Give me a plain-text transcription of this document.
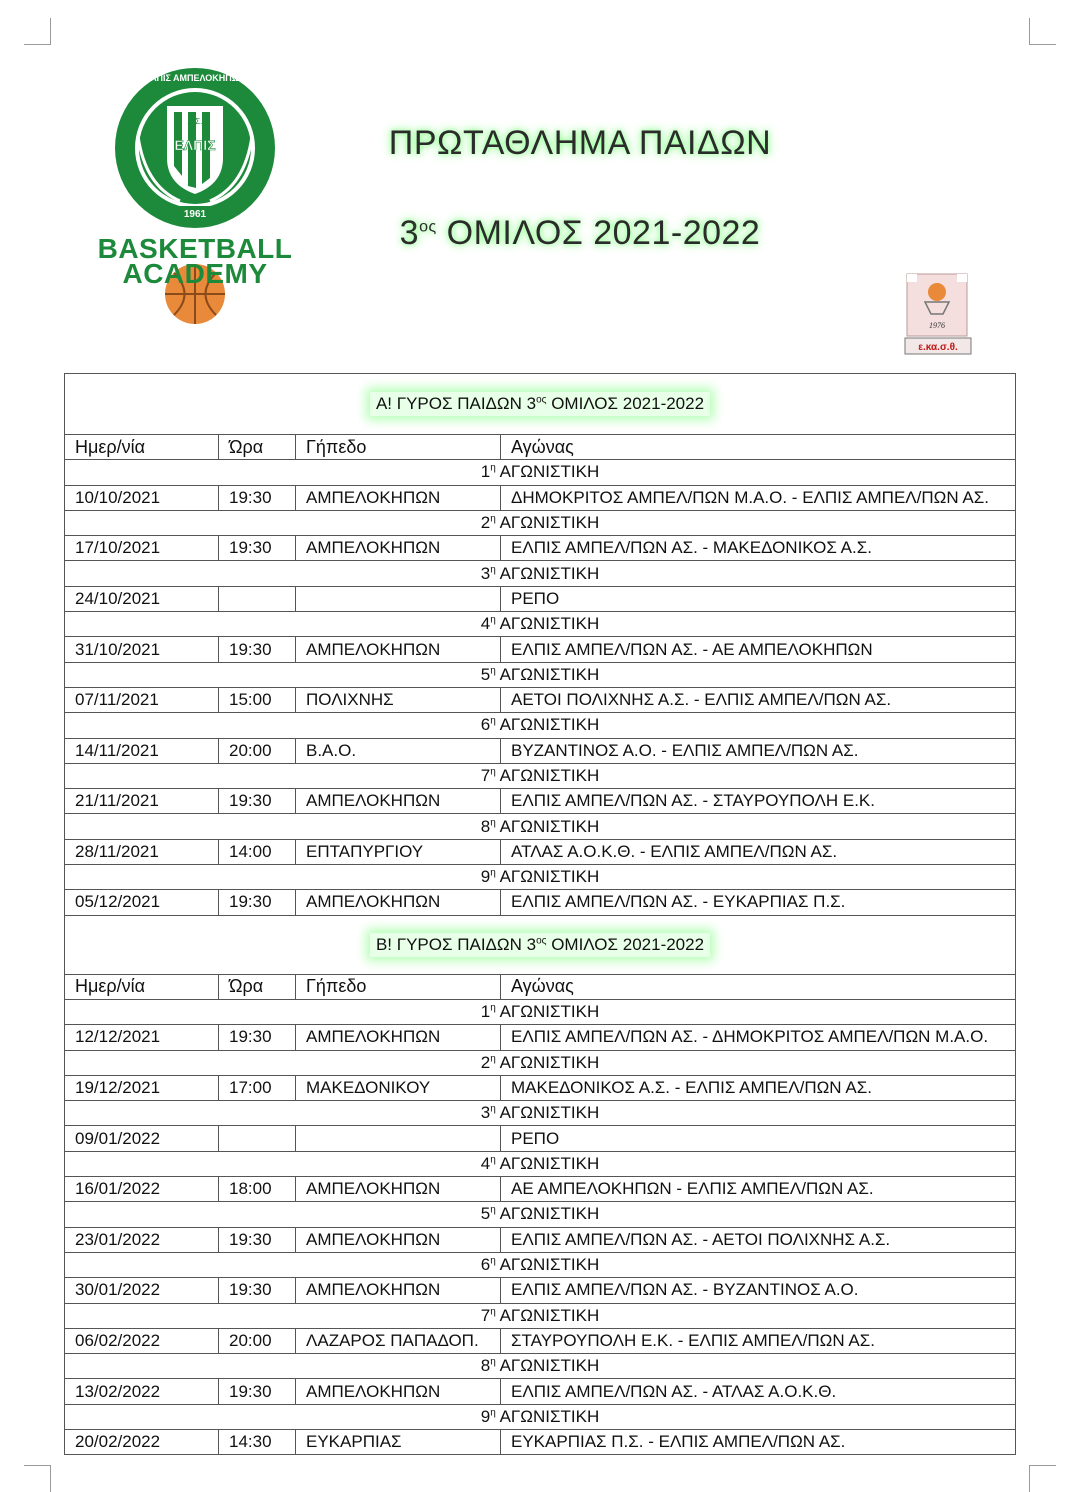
ΕΛΠΙΣ ΑΜΠΕΛΟΚΗΠΩΝ
Α.Σ.
ΕΛΠΙΣ
1961
BASKETBALL ACADEMY
ΠΡΩΤΑΘΛΗΜΑ ΠΑΙΔΩΝ
$3^{o\varsigma}$ ΟΜΙΛΟΣ 2021-2022
1976
ε.κα.σ.θ.
Α! ΓΥΡΟΣ ΠΑΙΔΩΝ $3^{o\varsigma}$ ΟΜΙΛΟΣ 2021-2022			
Ημερ/νία	Ώρα	Γήπεδο	Αγώνας
$1^\eta$ ΑΓΩΝΙΣΤΙΚΗ			
10/10/2021	19:30	ΑΜΠΕΛΟΚΗΠΩΝ	ΔΗΜΟΚΡΙΤΟΣ ΑΜΠΕΛ/ΠΩΝ Μ.Α.Ο. - ΕΛΠΙΣ ΑΜΠΕΛ/ΠΩΝ ΑΣ.
$2^\eta$ ΑΓΩΝΙΣΤΙΚΗ			
17/10/2021	19:30	ΑΜΠΕΛΟΚΗΠΩΝ	ΕΛΠΙΣ ΑΜΠΕΛ/ΠΩΝ ΑΣ. - ΜΑΚΕΔΟΝΙΚΟΣ Α.Σ.
$3^\eta$ ΑΓΩΝΙΣΤΙΚΗ			
24/10/2021			ΡΕΠΟ
$4^\eta$ ΑΓΩΝΙΣΤΙΚΗ			
31/10/2021	19:30	ΑΜΠΕΛΟΚΗΠΩΝ	ΕΛΠΙΣ ΑΜΠΕΛ/ΠΩΝ ΑΣ. - ΑΕ ΑΜΠΕΛΟΚΗΠΩΝ
$5^\eta$ ΑΓΩΝΙΣΤΙΚΗ			
07/11/2021	15:00	ΠΟΛΙΧΝΗΣ	ΑΕΤΟΙ ΠΟΛΙΧΝΗΣ Α.Σ. - ΕΛΠΙΣ ΑΜΠΕΛ/ΠΩΝ ΑΣ.
$6^\eta$ ΑΓΩΝΙΣΤΙΚΗ			
14/11/2021	20:00	Β.Α.Ο.	ΒΥΖΑΝΤΙΝΟΣ Α.Ο. - ΕΛΠΙΣ ΑΜΠΕΛ/ΠΩΝ ΑΣ.
$7^\eta$ ΑΓΩΝΙΣΤΙΚΗ			
21/11/2021	19:30	ΑΜΠΕΛΟΚΗΠΩΝ	ΕΛΠΙΣ ΑΜΠΕΛ/ΠΩΝ ΑΣ. - ΣΤΑΥΡΟΥΠΟΛΗ Ε.Κ.
$8^\eta$ ΑΓΩΝΙΣΤΙΚΗ			
28/11/2021	14:00	ΕΠΤΑΠΥΡΓΙΟΥ	ΑΤΛΑΣ Α.Ο.Κ.Θ. - ΕΛΠΙΣ ΑΜΠΕΛ/ΠΩΝ ΑΣ.
$9^\eta$ ΑΓΩΝΙΣΤΙΚΗ			
05/12/2021	19:30	ΑΜΠΕΛΟΚΗΠΩΝ	ΕΛΠΙΣ ΑΜΠΕΛ/ΠΩΝ ΑΣ. - ΕΥΚΑΡΠΙΑΣ Π.Σ.
Β! ΓΥΡΟΣ ΠΑΙΔΩΝ $3^{o\varsigma}$ ΟΜΙΛΟΣ 2021-2022			
Ημερ/νία	Ώρα	Γήπεδο	Αγώνας
$1^\eta$ ΑΓΩΝΙΣΤΙΚΗ			
12/12/2021	19:30	ΑΜΠΕΛΟΚΗΠΩΝ	ΕΛΠΙΣ ΑΜΠΕΛ/ΠΩΝ ΑΣ. - ΔΗΜΟΚΡΙΤΟΣ ΑΜΠΕΛ/ΠΩΝ Μ.Α.Ο.
$2^\eta$ ΑΓΩΝΙΣΤΙΚΗ			
19/12/2021	17:00	ΜΑΚΕΔΟΝΙΚΟΥ	ΜΑΚΕΔΟΝΙΚΟΣ Α.Σ. - ΕΛΠΙΣ ΑΜΠΕΛ/ΠΩΝ ΑΣ.
$3^\eta$ ΑΓΩΝΙΣΤΙΚΗ			
09/01/2022			ΡΕΠΟ
$4^\eta$ ΑΓΩΝΙΣΤΙΚΗ			
16/01/2022	18:00	ΑΜΠΕΛΟΚΗΠΩΝ	ΑΕ ΑΜΠΕΛΟΚΗΠΩΝ - ΕΛΠΙΣ ΑΜΠΕΛ/ΠΩΝ ΑΣ.
$5^\eta$ ΑΓΩΝΙΣΤΙΚΗ			
23/01/2022	19:30	ΑΜΠΕΛΟΚΗΠΩΝ	ΕΛΠΙΣ ΑΜΠΕΛ/ΠΩΝ ΑΣ. - ΑΕΤΟΙ ΠΟΛΙΧΝΗΣ Α.Σ.
$6^\eta$ ΑΓΩΝΙΣΤΙΚΗ			
30/01/2022	19:30	ΑΜΠΕΛΟΚΗΠΩΝ	ΕΛΠΙΣ ΑΜΠΕΛ/ΠΩΝ ΑΣ. - ΒΥΖΑΝΤΙΝΟΣ Α.Ο.
$7^\eta$ ΑΓΩΝΙΣΤΙΚΗ			
06/02/2022	20:00	ΛΑΖΑΡΟΣ ΠΑΠΑΔΟΠ.	ΣΤΑΥΡΟΥΠΟΛΗ Ε.Κ. - ΕΛΠΙΣ ΑΜΠΕΛ/ΠΩΝ ΑΣ.
$8^\eta$ ΑΓΩΝΙΣΤΙΚΗ			
13/02/2022	19:30	ΑΜΠΕΛΟΚΗΠΩΝ	ΕΛΠΙΣ ΑΜΠΕΛ/ΠΩΝ ΑΣ. - ΑΤΛΑΣ Α.Ο.Κ.Θ.
$9^\eta$ ΑΓΩΝΙΣΤΙΚΗ			
20/02/2022	14:30	ΕΥΚΑΡΠΙΑΣ	ΕΥΚΑΡΠΙΑΣ Π.Σ. - ΕΛΠΙΣ ΑΜΠΕΛ/ΠΩΝ ΑΣ.
